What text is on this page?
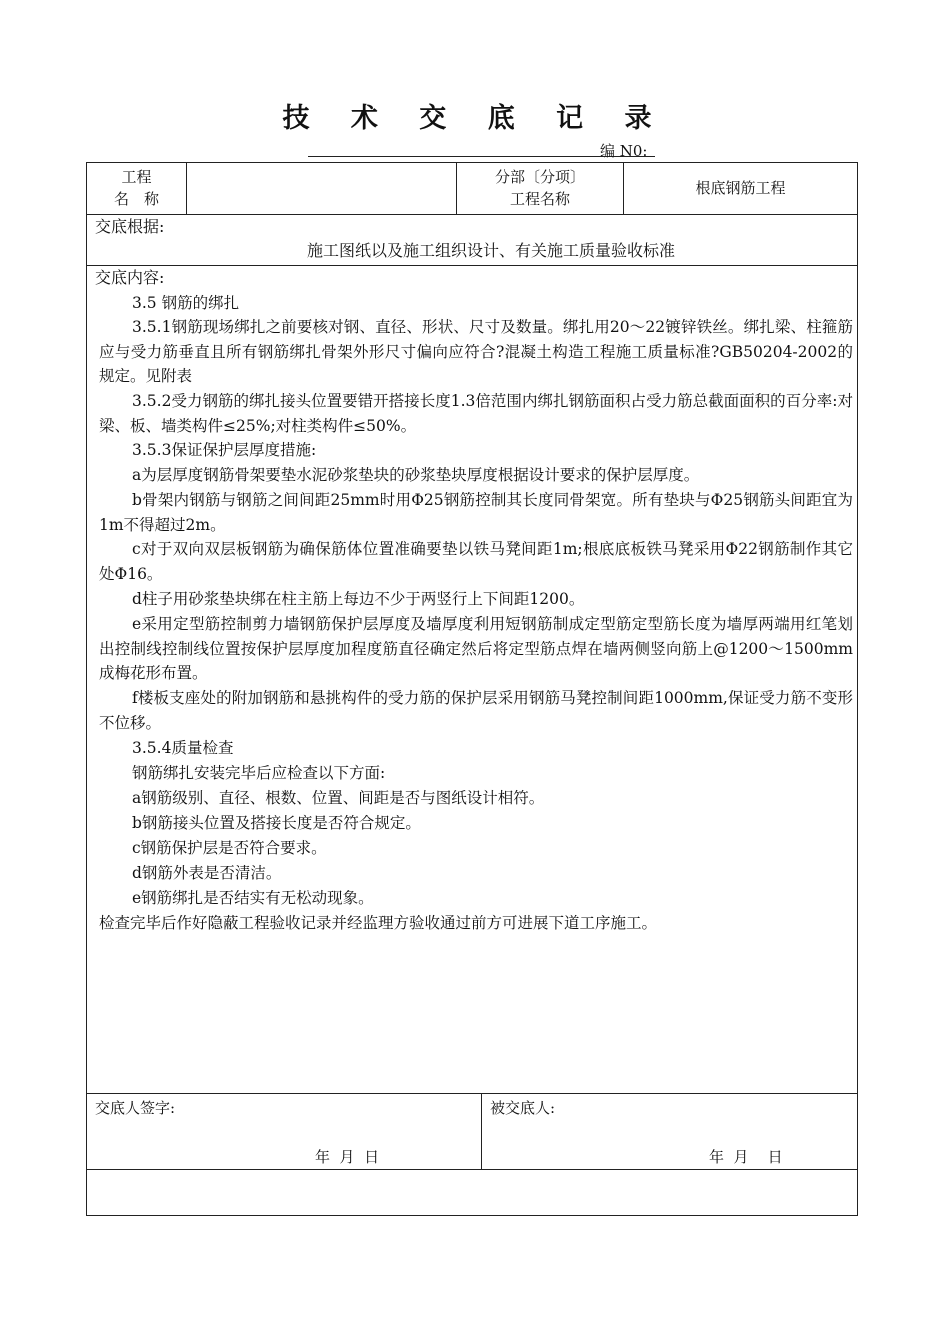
技 术 交 底 记 录
编 N0:
工程
名　称
分部〔分项〕
工程名称
根底钢筋工程
交底根据:
施工图纸以及施工组织设计、有关施工质量验收标准
交底内容:
3.5 钢筋的绑扎
3.5.1钢筋现场绑扎之前要核对钢、直径、形状、尺寸及数量。绑扎用20～22镀锌铁丝。绑扎梁、柱箍筋应与受力筋垂直且所有钢筋绑扎骨架外形尺寸偏向应符合?混凝土构造工程施工质量标准?GB50204-2002的规定。见附表
3.5.2受力钢筋的绑扎接头位置要错开搭接长度1.3倍范围内绑扎钢筋面积占受力筋总截面面积的百分率:对梁、板、墙类构件≤25%;对柱类构件≤50%。
3.5.3保证保护层厚度措施:
a为层厚度钢筋骨架要垫水泥砂浆垫块的砂浆垫块厚度根据设计要求的保护层厚度。
b骨架内钢筋与钢筋之间间距25mm时用Φ25钢筋控制其长度同骨架宽。所有垫块与Φ25钢筋头间距宜为1m不得超过2m。
c对于双向双层板钢筋为确保筋体位置准确要垫以铁马凳间距1m;根底底板铁马凳采用Φ22钢筋制作其它处Φ16。
d柱子用砂浆垫块绑在柱主筋上每边不少于两竖行上下间距1200。
e采用定型筋控制剪力墙钢筋保护层厚度及墙厚度利用短钢筋制成定型筋定型筋长度为墙厚两端用红笔划出控制线控制线位置按保护层厚度加程度筋直径确定然后将定型筋点焊在墙两侧竖向筋上@1200～1500mm成梅花形布置。
f楼板支座处的附加钢筋和悬挑构件的受力筋的保护层采用钢筋马凳控制间距1000mm,保证受力筋不变形不位移。
3.5.4质量检查
钢筋绑扎安装完毕后应检查以下方面:
a钢筋级别、直径、根数、位置、间距是否与图纸设计相符。
b钢筋接头位置及搭接长度是否符合规定。
c钢筋保护层是否符合要求。
d钢筋外表是否清洁。
e钢筋绑扎是否结实有无松动现象。
检查完毕后作好隐蔽工程验收记录并经监理方验收通过前方可进展下道工序施工。
交底人签字:
年  月  日
被交底人:
年  月    日
